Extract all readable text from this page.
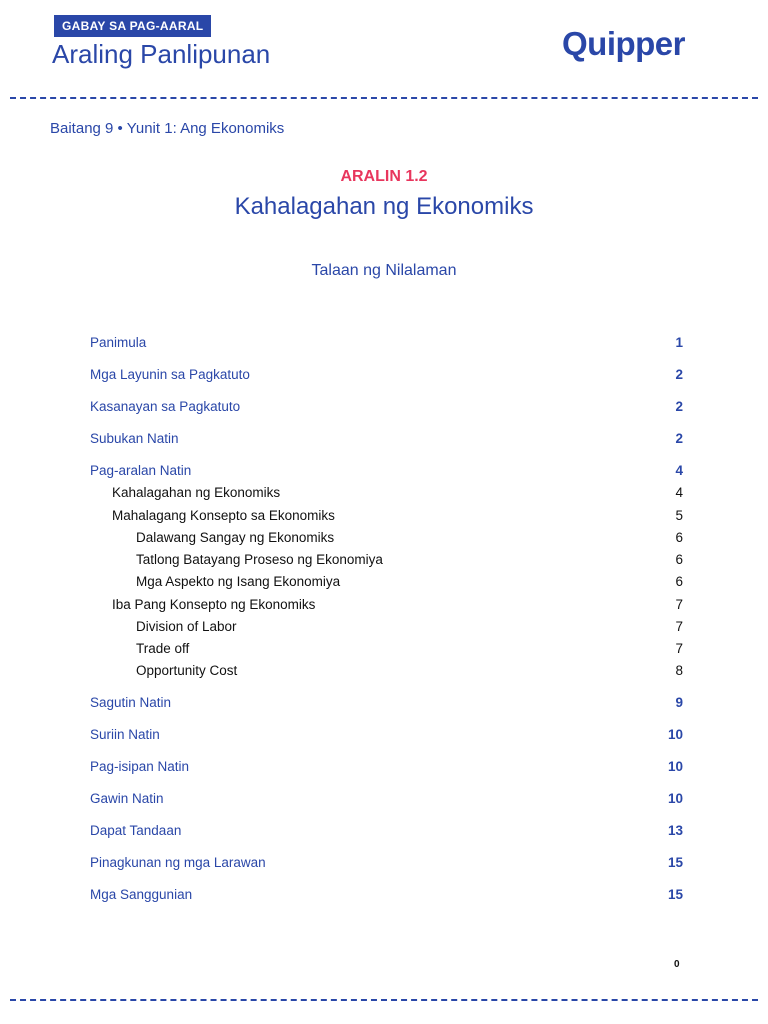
GABAY SA PAG-AARAL
Araling Panlipunan	Quipper
Baitang 9 • Yunit 1: Ang Ekonomiks
ARALIN 1.2
Kahalagahan ng Ekonomiks
Talaan ng Nilalaman
Panimula	1
Mga Layunin sa Pagkatuto	2
Kasanayan sa Pagkatuto	2
Subukan Natin	2
Pag-aralan Natin	4
Kahalagahan ng Ekonomiks	4
Mahalagang Konsepto sa Ekonomiks	5
Dalawang Sangay ng Ekonomiks	6
Tatlong Batayang Proseso ng Ekonomiya	6
Mga Aspekto ng Isang Ekonomiya	6
Iba Pang Konsepto ng Ekonomiks	7
Division of Labor	7
Trade off	7
Opportunity Cost	8
Sagutin Natin	9
Suriin Natin	10
Pag-isipan Natin	10
Gawin Natin	10
Dapat Tandaan	13
Pinagkunan ng mga Larawan	15
Mga Sanggunian	15
0
